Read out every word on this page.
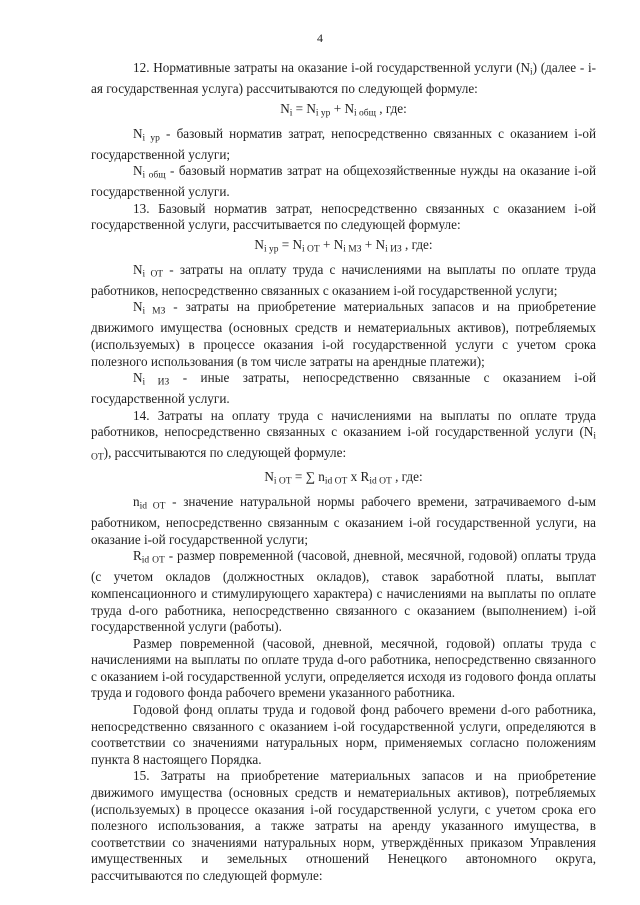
4

12. Нормативные затраты на оказание i-ой государственной услуги $(N_i)$ (далее - i-ая государственная услуга) рассчитываются по следующей формуле:

$N_i = N_{i ур} + N_{i общ}$ , где:

$N_{i ур}$ - базовый норматив затрат, непосредственно связанных с оказанием i-ой государственной услуги;

$N_{i общ}$ - базовый норматив затрат на общехозяйственные нужды на оказание i-ой государственной услуги.

13. Базовый норматив затрат, непосредственно связанных с оказанием i-ой государственной услуги, рассчитывается по следующей формуле:

$N_{i ур} = N_{i ОТ} + N_{i МЗ} + N_{i ИЗ}$ , где:

$N_{i ОТ}$ - затраты на оплату труда с начислениями на выплаты по оплате труда работников, непосредственно связанных с оказанием i-ой государственной услуги;

$N_{i МЗ}$ - затраты на приобретение материальных запасов и на приобретение движимого имущества (основных средств и нематериальных активов), потребляемых (используемых) в процессе оказания i-ой государственной услуги с учетом срока полезного использования (в том числе затраты на арендные платежи);

$N_{i ИЗ}$ - иные затраты, непосредственно связанные с оказанием i-ой государственной услуги.

14. Затраты на оплату труда с начислениями на выплаты по оплате труда работников, непосредственно связанных с оказанием i-ой государственной услуги $(N_{i ОТ})$, рассчитываются по следующей формуле:

$N_{i ОТ}$ = ∑ $n_{id ОТ}$ x $R_{id ОТ}$ , где:

$n_{id ОТ}$ - значение натуральной нормы рабочего времени, затрачиваемого d-ым работником, непосредственно связанным с оказанием i-ой государственной услуги, на оказание i-ой государственной услуги;

$R_{id ОТ}$ - размер повременной (часовой, дневной, месячной, годовой) оплаты труда (с учетом окладов (должностных окладов), ставок заработной платы, выплат компенсационного и стимулирующего характера) с начислениями на выплаты по оплате труда d-ого работника, непосредственно связанного с оказанием (выполнением) i-ой государственной услуги (работы).

Размер повременной (часовой, дневной, месячной, годовой) оплаты труда с начислениями на выплаты по оплате труда d-ого работника, непосредственно связанного с оказанием i-ой государственной услуги, определяется исходя из годового фонда оплаты труда и годового фонда рабочего времени указанного работника.

Годовой фонд оплаты труда и годовой фонд рабочего времени d-ого работника, непосредственно связанного с оказанием i-ой государственной услуги, определяются в соответствии со значениями натуральных норм, применяемых согласно положениям пункта 8 настоящего Порядка.

15. Затраты на приобретение материальных запасов и на приобретение движимого имущества (основных средств и нематериальных активов), потребляемых (используемых) в процессе оказания i-ой государственной услуги, с учетом срока его полезного использования, а также затраты на аренду указанного имущества, в соответствии со значениями натуральных норм, утверждённых приказом Управления имущественных и земельных отношений Ненецкого автономного округа, рассчитываются по следующей формуле:
